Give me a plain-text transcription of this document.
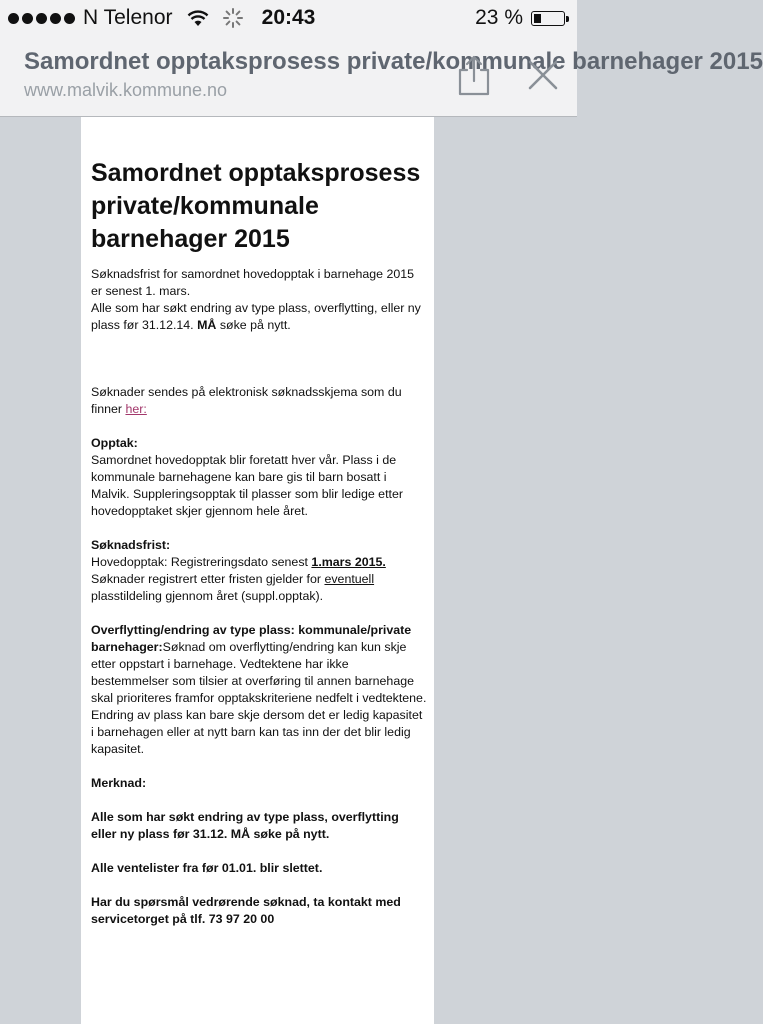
N Telenor	20:43	23 %
Samordnet opptaksprosess private/kommunale barnehager 2015
www.malvik.kommune.no
Samordnet opptaksprosess private/kommunale barnehager 2015

Søknadsfrist for samordnet hovedopptak i barnehage 2015 er senest 1. mars.

Alle som har søkt endring av type plass, overflytting, eller ny plass før 31.12.14. MÅ søke på nytt.

Søknader sendes på elektronisk søknadsskjema som du finner her:

Opptak:

Samordnet hovedopptak blir foretatt hver vår. Plass i de kommunale barnehagene kan bare gis til barn bosatt i Malvik. Suppleringsopptak til plasser som blir ledige etter hovedopptaket skjer gjennom hele året.

Søknadsfrist:

Hovedopptak: Registreringsdato senest 1.mars 2015. Søknader registrert etter fristen gjelder for eventuell plasstildeling gjennom året (suppl.opptak).

Overflytting/endring av type plass: kommunale/private barnehager:Søknad om overflytting/endring kan kun skje etter oppstart i barnehage. Vedtektene har ikke bestemmelser som tilsier at overføring til annen barnehage skal prioriteres framfor opptakskriteriene nedfelt i vedtektene.

Endring av plass kan bare skje dersom det er ledig kapasitet i barnehagen eller at nytt barn kan tas inn der det blir ledig kapasitet.

Merknad:

Alle som har søkt endring av type plass, overflytting eller ny plass før 31.12. MÅ søke på nytt.

Alle ventelister fra før 01.01. blir slettet.

Har du spørsmål vedrørende søknad, ta kontakt med servicetorget på tlf. 73 97 20 00
